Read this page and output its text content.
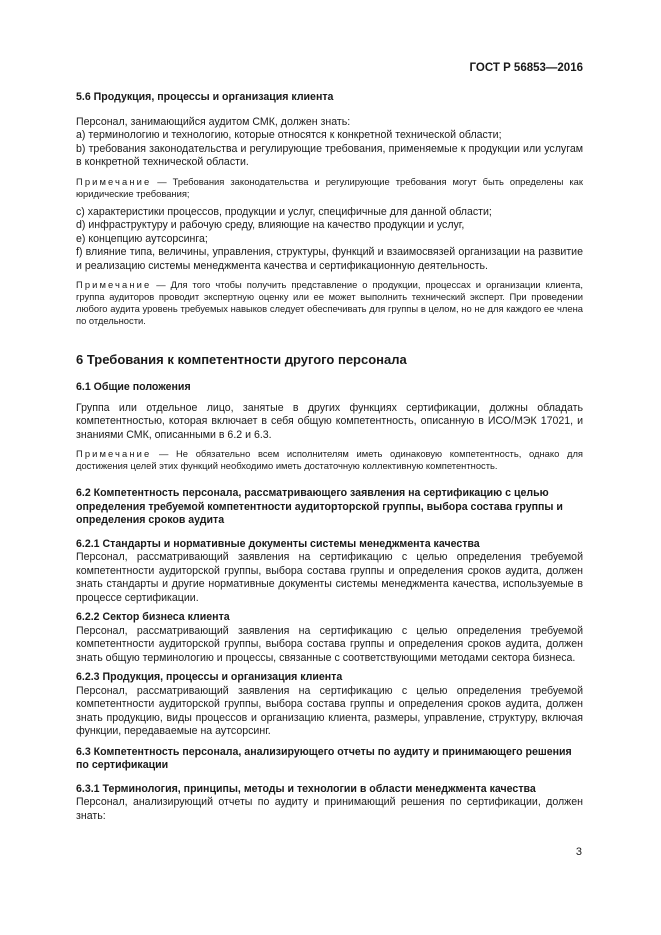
ГОСТ Р 56853—2016

5.6 Продукция, процессы и организация клиента

Персонал, занимающийся аудитом СМК, должен знать:

a) терминологию и технологию, которые относятся к конкретной технической области;

b) требования законодательства и регулирующие требования, применяемые к продукции или услугам в конкретной технической области.

Примечание — Требования законодательства и регулирующие требования могут быть определены как юридические требования;

c) характеристики процессов, продукции и услуг, специфичные для данной области;

d) инфраструктуру и рабочую среду, влияющие на качество продукции и услуг,

e) концепцию аутсорсинга;

f) влияние типа, величины, управления, структуры, функций и взаимосвязей организации на развитие и реализацию системы менеджмента качества и сертификационную деятельность.

Примечание — Для того чтобы получить представление о продукции, процессах и организации клиента, группа аудиторов проводит экспертную оценку или ее может выполнить технический эксперт. При проведении любого аудита уровень требуемых навыков следует обеспечивать для группы в целом, но не для каждого ее члена по отдельности.

6 Требования к компетентности другого персонала

6.1 Общие положения

Группа или отдельное лицо, занятые в других функциях сертификации, должны обладать компетентностью, которая включает в себя общую компетентность, описанную в ИСО/МЭК 17021, и знаниями СМК, описанными в 6.2 и 6.3.

Примечание — Не обязательно всем исполнителям иметь одинаковую компетентность, однако для достижения целей этих функций необходимо иметь достаточную коллективную компетентность.

6.2 Компетентность персонала, рассматривающего заявления на сертификацию с целью определения требуемой компетентности аудиторторской группы, выбора состава группы и определения сроков аудита

6.2.1 Стандарты и нормативные документы системы менеджмента качества

Персонал, рассматривающий заявления на сертификацию с целью определения требуемой компетентности аудиторской группы, выбора состава группы и определения сроков аудита, должен знать стандарты и другие нормативные документы системы менеджмента качества, используемые в процессе сертификации.

6.2.2 Сектор бизнеса клиента

Персонал, рассматривающий заявления на сертификацию с целью определения требуемой компетентности аудиторской группы, выбора состава группы и определения сроков аудита, должен знать общую терминологию и процессы, связанные с соответствующими методами сектора бизнеса.

6.2.3 Продукция, процессы и организация клиента

Персонал, рассматривающий заявления на сертификацию с целью определения требуемой компетентности аудиторской группы, выбора состава группы и определения сроков аудита, должен знать продукцию, виды процессов и организацию клиента, размеры, управление, структуру, включая функции, передаваемые на аутсорсинг.

6.3 Компетентность персонала, анализирующего отчеты по аудиту и принимающего решения по сертификации

6.3.1 Терминология, принципы, методы и технологии в области менеджмента качества

Персонал, анализирующий отчеты по аудиту и принимающий решения по сертификации, должен знать:

3
